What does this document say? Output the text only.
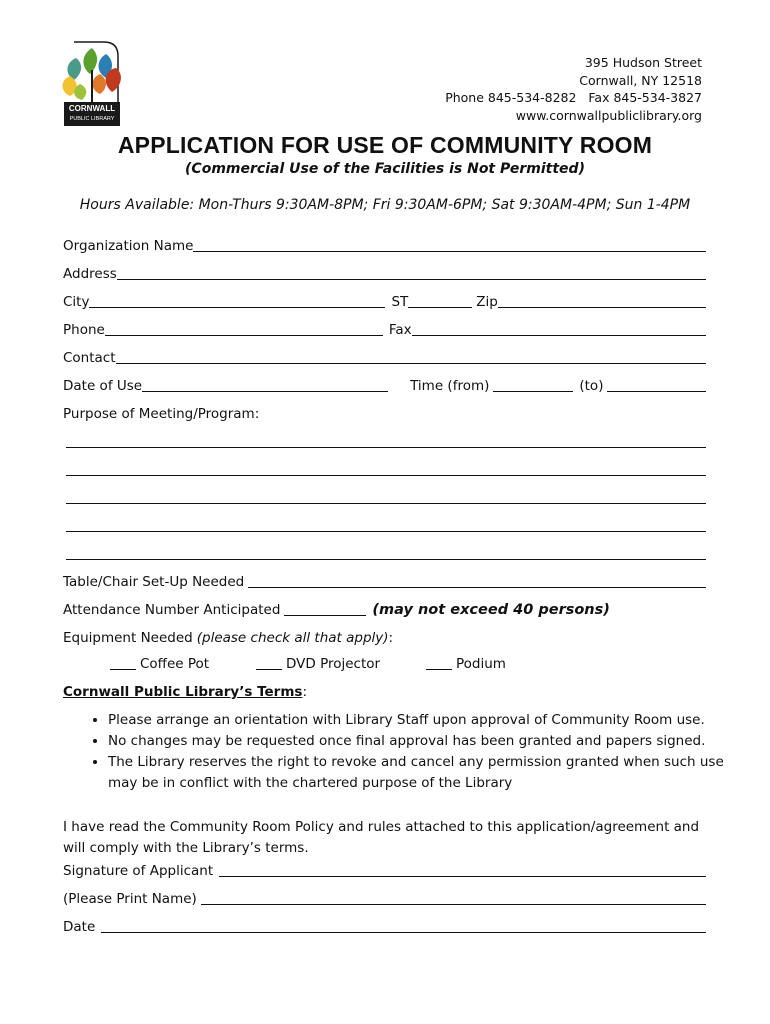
CORNWALL
PUBLIC LIBRARY
395 Hudson Street
Cornwall, NY 12518
Phone 845-534-8282   Fax 845-534-3827
www.cornwallpubliclibrary.org
APPLICATION FOR USE OF COMMUNITY ROOM
(Commercial Use of the Facilities is Not Permitted)
Hours Available: Mon-Thurs 9:30AM-8PM; Fri 9:30AM-6PM; Sat 9:30AM-4PM; Sun 1-4PM
Organization Name
Address
City	ST	Zip
Phone	Fax
Contact
Date of Use	Time (from)	(to)
Purpose of Meeting/Program:
Table/Chair Set-Up Needed
Attendance Number Anticipated	(may not exceed 40 persons)
Equipment Needed (please check all that apply) :
Coffee Pot	DVD Projector	Podium
Cornwall Public Library’s Terms:
• Please arrange an orientation with Library Staff upon approval of Community Room use.
• No changes may be requested once final approval has been granted and papers signed.
• The Library reserves the right to revoke and cancel any permission granted when such use may be in conflict with the chartered purpose of the Library
I have read the Community Room Policy and rules attached to this application/agreement and will comply with the Library’s terms.
Signature of Applicant
(Please Print Name)
Date
